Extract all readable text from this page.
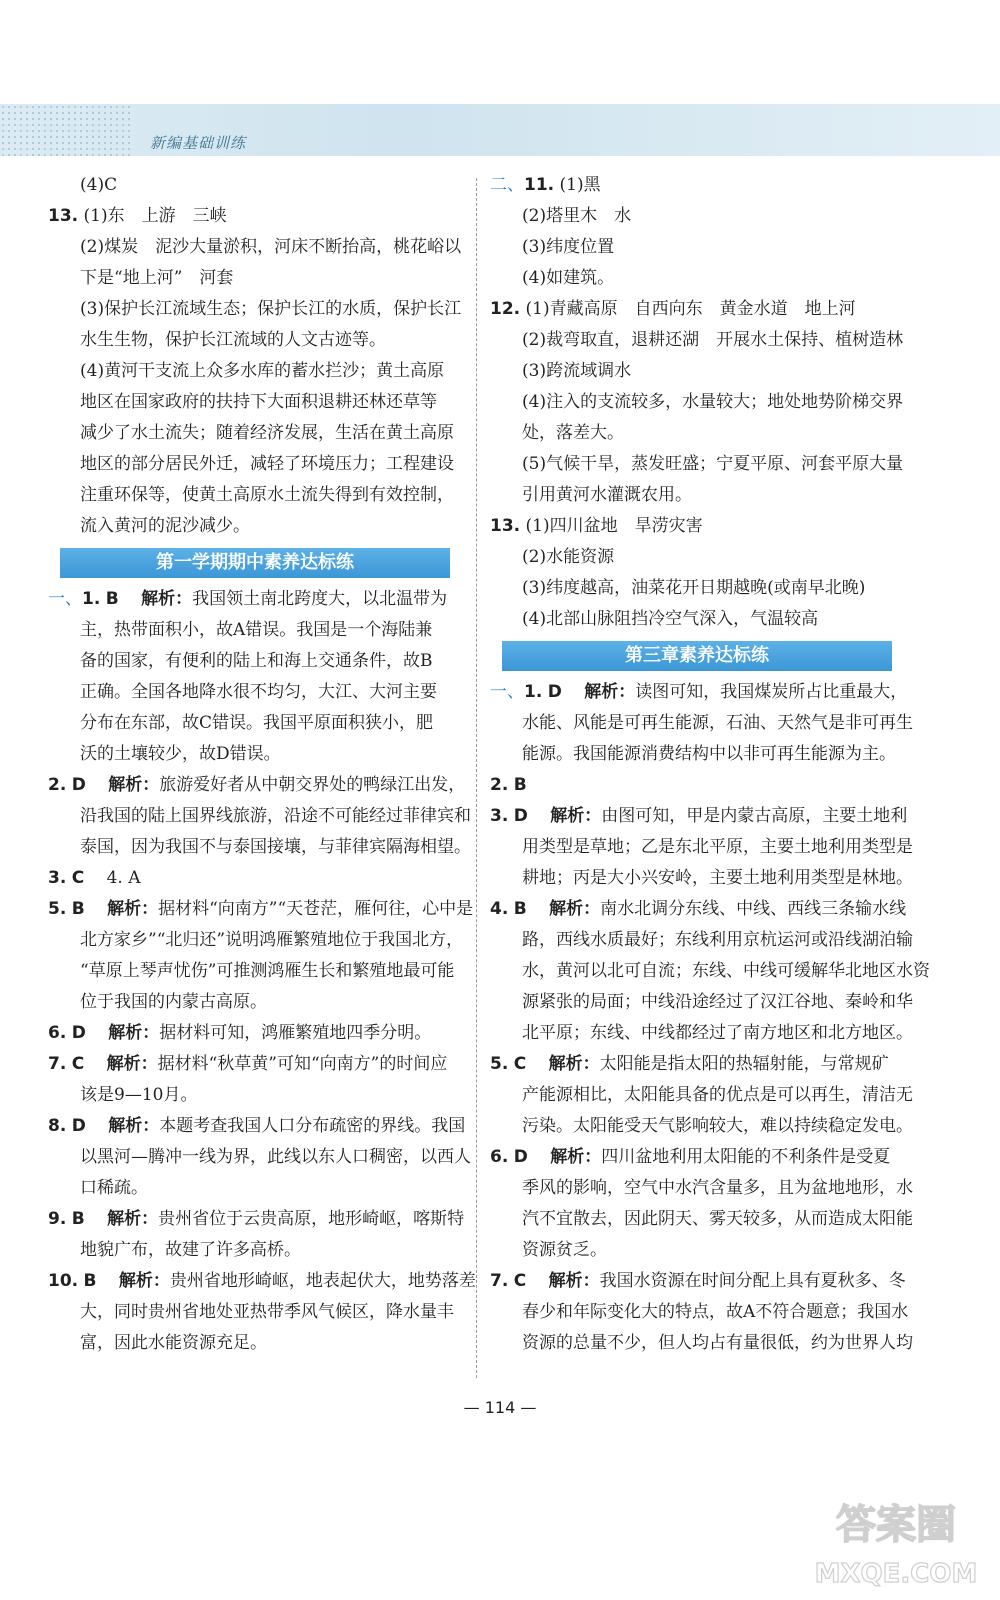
新编基础训练
(4)C
13. (1)东　上游　三峡
(2)煤炭　泥沙大量淤积，河床不断抬高，桃花峪以
下是“地上河”　河套
(3)保护长江流域生态；保护长江的水质，保护长江
水生生物，保护长江流域的人文古迹等。
(4)黄河干支流上众多水库的蓄水拦沙；黄土高原
地区在国家政府的扶持下大面积退耕还林还草等
减少了水土流失；随着经济发展，生活在黄土高原
地区的部分居民外迁，减轻了环境压力；工程建设
注重环保等，使黄土高原水土流失得到有效控制，
流入黄河的泥沙减少。
第一学期期中素养达标练
一、1. B 　 解析：我国领土南北跨度大，以北温带为
主，热带面积小，故A错误。我国是一个海陆兼
备的国家，有便利的陆上和海上交通条件，故B
正确。全国各地降水很不均匀，大江、大河主要
分布在东部，故C错误。我国平原面积狭小，肥
沃的土壤较少，故D错误。
2. D 　 解析：旅游爱好者从中朝交界处的鸭绿江出发，
沿我国的陆上国界线旅游，沿途不可能经过菲律宾和
泰国，因为我国不与泰国接壤，与菲律宾隔海相望。
3. C 　4. A
5. B 　 解析：据材料“向南方”“天苍茫，雁何往，心中是
北方家乡”“北归还”说明鸿雁繁殖地位于我国北方，
“草原上琴声忧伤”可推测鸿雁生长和繁殖地最可能
位于我国的内蒙古高原。
6. D 　 解析：据材料可知，鸿雁繁殖地四季分明。
7. C 　 解析：据材料“秋草黄”可知“向南方”的时间应
该是9—10月。
8. D 　 解析：本题考查我国人口分布疏密的界线。我国
以黑河—腾冲一线为界，此线以东人口稠密，以西人
口稀疏。
9. B 　 解析：贵州省位于云贵高原，地形崎岖，喀斯特
地貌广布，故建了许多高桥。
10. B 　 解析：贵州省地形崎岖，地表起伏大，地势落差
大，同时贵州省地处亚热带季风气候区，降水量丰
富，因此水能资源充足。
二、11. (1)黑
(2)塔里木　水
(3)纬度位置
(4)如建筑。
12. (1)青藏高原　自西向东　黄金水道　地上河
(2)裁弯取直，退耕还湖　开展水土保持、植树造林
(3)跨流域调水
(4)注入的支流较多，水量较大；地处地势阶梯交界
处，落差大。
(5)气候干旱，蒸发旺盛；宁夏平原、河套平原大量
引用黄河水灌溉农用。
13. (1)四川盆地　旱涝灾害
(2)水能资源
(3)纬度越高，油菜花开日期越晚(或南早北晚)
(4)北部山脉阻挡冷空气深入，气温较高
第三章素养达标练
一、1. D 　 解析：读图可知，我国煤炭所占比重最大，
水能、风能是可再生能源，石油、天然气是非可再生
能源。我国能源消费结构中以非可再生能源为主。
2. B
3. D 　 解析：由图可知，甲是内蒙古高原，主要土地利
用类型是草地；乙是东北平原，主要土地利用类型是
耕地；丙是大小兴安岭，主要土地利用类型是林地。
4. B 　 解析：南水北调分东线、中线、西线三条输水线
路，西线水质最好；东线利用京杭运河或沿线湖泊输
水，黄河以北可自流；东线、中线可缓解华北地区水资
源紧张的局面；中线沿途经过了汉江谷地、秦岭和华
北平原；东线、中线都经过了南方地区和北方地区。
5. C 　 解析：太阳能是指太阳的热辐射能，与常规矿
产能源相比，太阳能具备的优点是可以再生，清洁无
污染。太阳能受天气影响较大，难以持续稳定发电。
6. D 　 解析：四川盆地利用太阳能的不利条件是受夏
季风的影响，空气中水汽含量多，且为盆地地形，水
汽不宜散去，因此阴天、雾天较多，从而造成太阳能
资源贫乏。
7. C 　 解析：我国水资源在时间分配上具有夏秋多、冬
春少和年际变化大的特点，故A不符合题意；我国水
资源的总量不少，但人均占有量很低，约为世界人均
— 114 —
答案圈
MXQE.COM
